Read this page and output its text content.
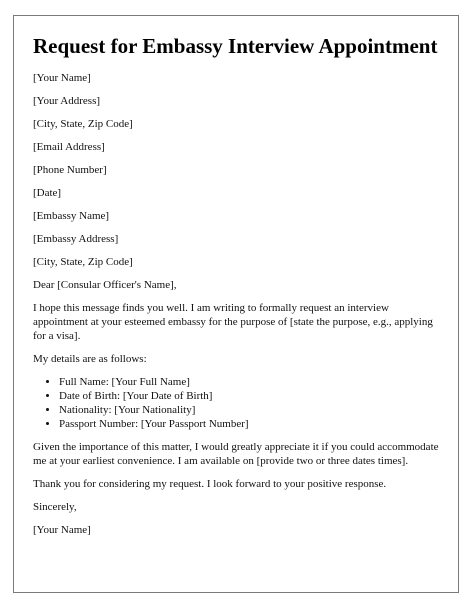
Request for Embassy Interview Appointment

[Your Name]

[Your Address]

[City, State, Zip Code]

[Email Address]

[Phone Number]

[Date]

[Embassy Name]

[Embassy Address]

[City, State, Zip Code]

Dear [Consular Officer's Name],

I hope this message finds you well. I am writing to formally request an interview appointment at your esteemed embassy for the purpose of [state the purpose, e.g., applying for a visa].

My details are as follows:

• Full Name: [Your Full Name]
• Date of Birth: [Your Date of Birth]
• Nationality: [Your Nationality]
• Passport Number: [Your Passport Number]

Given the importance of this matter, I would greatly appreciate it if you could accommodate me at your earliest convenience. I am available on [provide two or three dates times].

Thank you for considering my request. I look forward to your positive response.

Sincerely,

[Your Name]
